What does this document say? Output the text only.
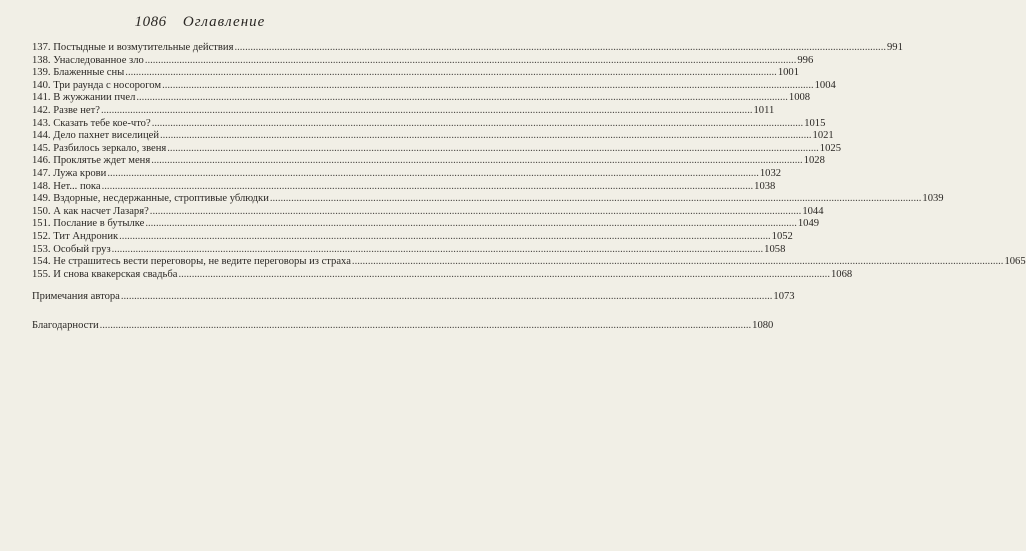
1086 Оглавление
137. Постыдные и возмутительные действия .....	991
138. Унаследованное зло .....	996
139. Блаженные сны .....	1001
140. Три раунда с носорогом .....	1004
141. В жужжании пчел .....	1008
142. Разве нет? .....	1011
143. Сказать тебе кое-что? .....	1015
144. Дело пахнет виселицей .....	1021
145. Разбилось зеркало, звеня .....	1025
146. Проклятье ждет меня .....	1028
147. Лужа крови .....	1032
148. Нет... пока .....	1038
149. Вздорные, несдержанные, строптивые ублюдки .....	1039
150. А как насчет Лазаря? .....	1044
151. Послание в бутылке .....	1049
152. Тит Андроник .....	1052
153. Особый груз .....	1058
154. Не страшитесь вести переговоры, не ведите переговоры из страха .....	1065
155. И снова квакерская свадьба .....	1068
Примечания автора .....	1073
Благодарности .....	1080
